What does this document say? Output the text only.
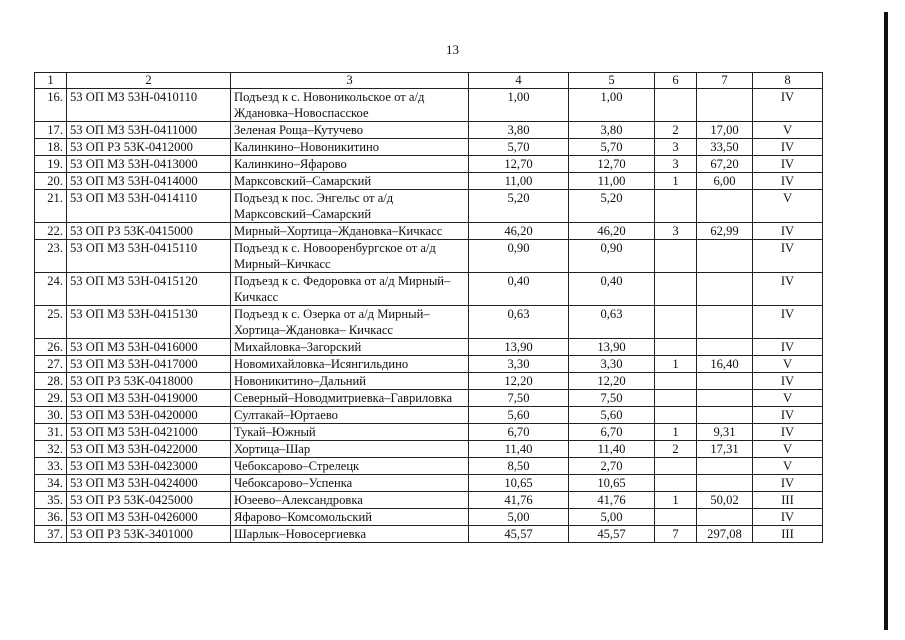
13
1	2	3	4	5	6	7	8
16.	53 ОП МЗ 53Н-0410110	Подъезд к с. Новоникольское от а/д Ждановка–Новоспасское	1,00	1,00			IV
17.	53 ОП МЗ 53Н-0411000	Зеленая Роща–Кутучево	3,80	3,80	2	17,00	V
18.	53 ОП РЗ 53К-0412000	Калинкино–Новоникитино	5,70	5,70	3	33,50	IV
19.	53 ОП МЗ 53Н-0413000	Калинкино–Яфарово	12,70	12,70	3	67,20	IV
20.	53 ОП МЗ 53Н-0414000	Марксовский–Самарский	11,00	11,00	1	6,00	IV
21.	53 ОП МЗ 53Н-0414110	Подъезд к пос. Энгельс от а/д Марксовский–Самарский	5,20	5,20			V
22.	53 ОП РЗ 53К-0415000	Мирный–Хортица–Ждановка–Кичкасс	46,20	46,20	3	62,99	IV
23.	53 ОП МЗ 53Н-0415110	Подъезд к с. Новооренбургское от а/д Мирный–Кичкасс	0,90	0,90			IV
24.	53 ОП МЗ 53Н-0415120	Подъезд к с. Федоровка от а/д Мирный–Кичкасс	0,40	0,40			IV
25.	53 ОП МЗ 53Н-0415130	Подъезд к с. Озерка от а/д Мирный–Хортица–Ждановка– Кичкасс	0,63	0,63			IV
26.	53 ОП МЗ 53Н-0416000	Михайловка–Загорский	13,90	13,90			IV
27.	53 ОП МЗ 53Н-0417000	Новомихайловка–Исянгильдино	3,30	3,30	1	16,40	V
28.	53 ОП РЗ 53К-0418000	Новоникитино–Дальний	12,20	12,20			IV
29.	53 ОП МЗ 53Н-0419000	Северный–Новодмитриевка–Гавриловка	7,50	7,50			V
30.	53 ОП МЗ 53Н-0420000	Султакай–Юртаево	5,60	5,60			IV
31.	53 ОП МЗ 53Н-0421000	Тукай–Южный	6,70	6,70	1	9,31	IV
32.	53 ОП МЗ 53Н-0422000	Хортица–Шар	11,40	11,40	2	17,31	V
33.	53 ОП МЗ 53Н-0423000	Чебоксарово–Стрелецк	8,50	2,70			V
34.	53 ОП МЗ 53Н-0424000	Чебоксарово–Успенка	10,65	10,65			IV
35.	53 ОП РЗ 53К-0425000	Юзеево–Александровка	41,76	41,76	1	50,02	III
36.	53 ОП МЗ 53Н-0426000	Яфарово–Комсомольский	5,00	5,00			IV
37.	53 ОП РЗ 53К-3401000	Шарлык–Новосергиевка	45,57	45,57	7	297,08	III
